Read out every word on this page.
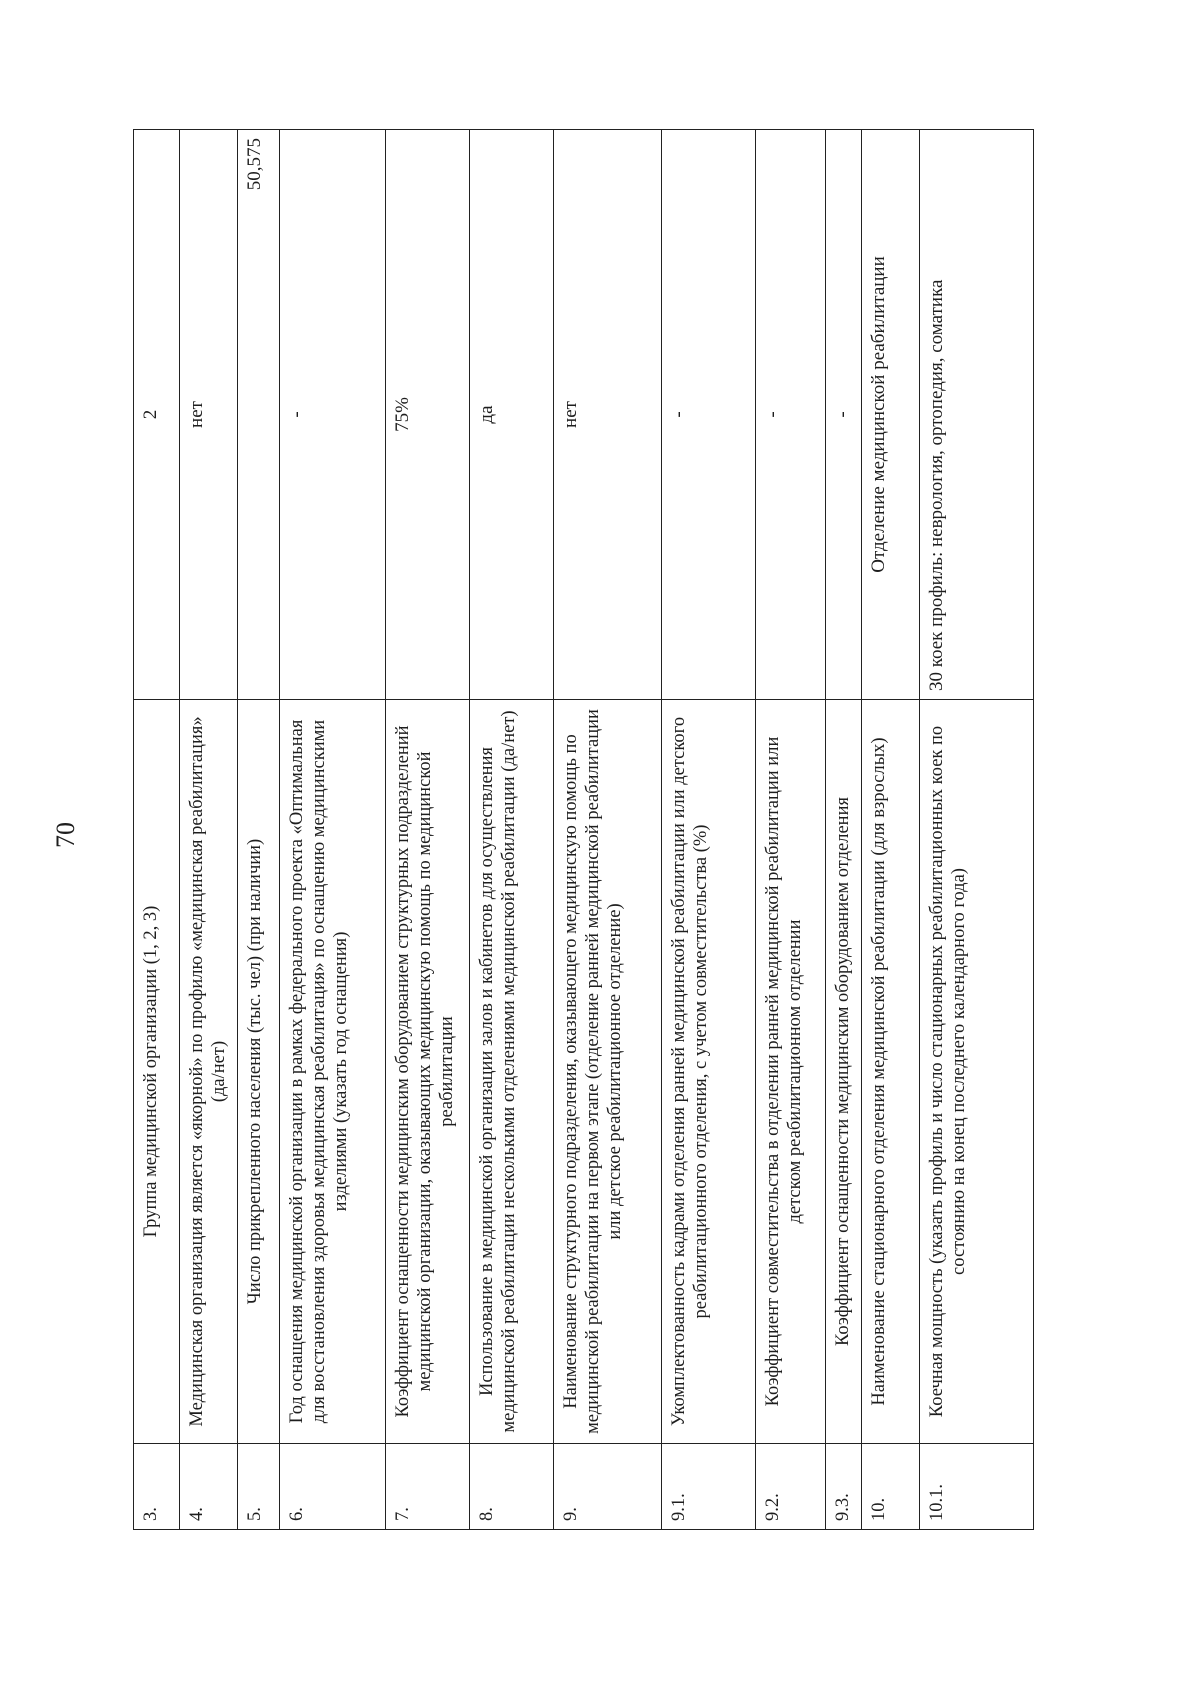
70
3.	Группа медицинской организации (1, 2, 3)	2
4.	Медицинская организация является «якорной» по профилю «медицинская реабилитация» (да/нет)	нет
5.	Число прикрепленного населения (тыс. чел) (при наличии)	50,575
6.	Год оснащения медицинской организации в рамках федерального проекта «Оптимальная для восстановления здоровья медицинская реабилитация» по оснащению медицинскими изделиями (указать год оснащения)	-
7.	Коэффициент оснащенности медицинским оборудованием структурных подразделений медицинской организации, оказывающих медицинскую помощь по медицинской реабилитации	75%
8.	Использование в медицинской организации залов и кабинетов для осуществления медицинской реабилитации несколькими отделениями медицинской реабилитации (да/нет)	да
9.	Наименование структурного подразделения, оказывающего медицинскую помощь по медицинской реабилитации на первом этапе (отделение ранней медицинской реабилитации или детское реабилитационное отделение)	нет
9.1.	Укомплектованность кадрами отделения ранней медицинской реабилитации или детского реабилитационного отделения, с учетом совместительства (%)	-
9.2.	Коэффициент совместительства в отделении ранней медицинской реабилитации или детском реабилитационном отделении	-
9.3.	Коэффициент оснащенности медицинским оборудованием отделения	-
10.	Наименование стационарного отделения медицинской реабилитации (для взрослых)	Отделение медицинской реабилитации
10.1.	Коечная мощность (указать профиль и число стационарных реабилитационных коек по состоянию на конец последнего календарного года)	30 коек профиль: неврология, ортопедия, соматика
